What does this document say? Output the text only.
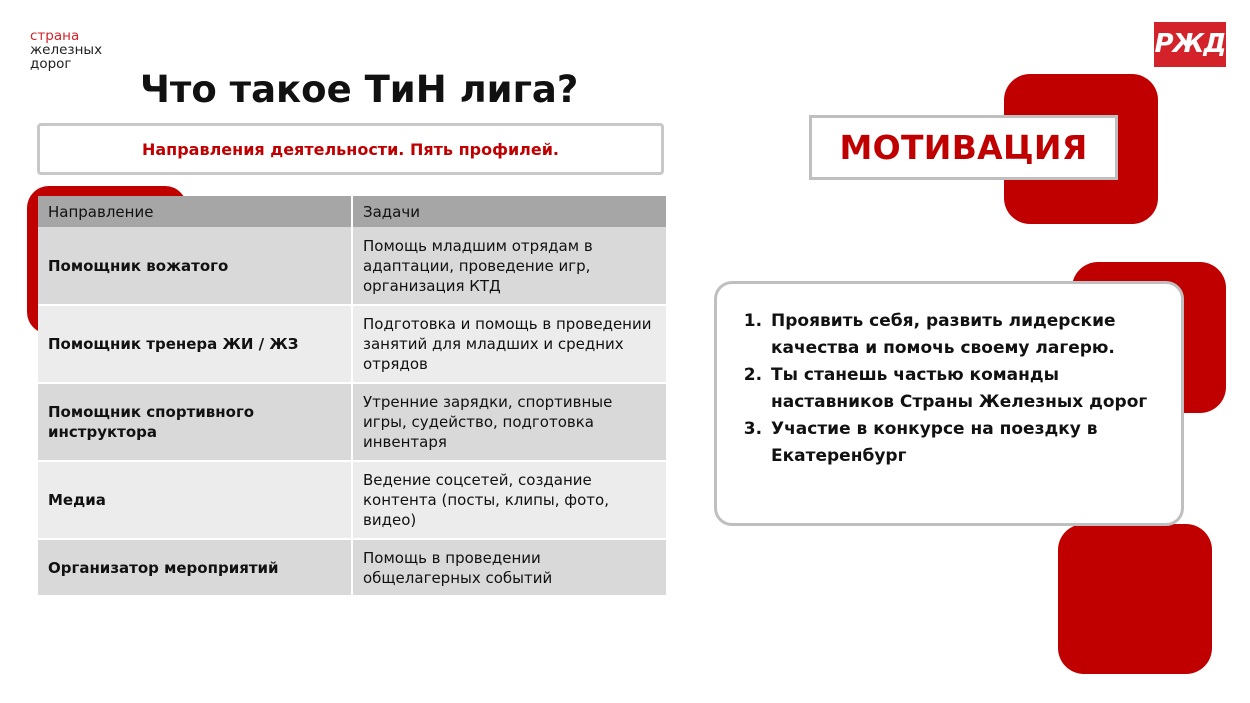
страна
железных
дорог
РЖД
Что такое ТиН лига?
Направления деятельности. Пять профилей.
Направление	Задачи
Помощник вожатого	Помощь младшим отрядам в адаптации, проведение игр, организация КТД
Помощник тренера ЖИ / ЖЗ	Подготовка и помощь в проведении занятий для младших и средних отрядов
Помощник спортивного инструктора	Утренние зарядки, спортивные игры, судейство, подготовка инвентаря
Медиа	Ведение соцсетей, создание контента (посты, клипы, фото, видео)
Организатор мероприятий	Помощь в проведении общелагерных событий
МОТИВАЦИЯ
1. Проявить себя, развить лидерские качества и помочь своему лагерю.
2. Ты станешь частью команды наставников Страны Железных дорог
3. Участие в конкурсе на поездку в Екатеренбург
